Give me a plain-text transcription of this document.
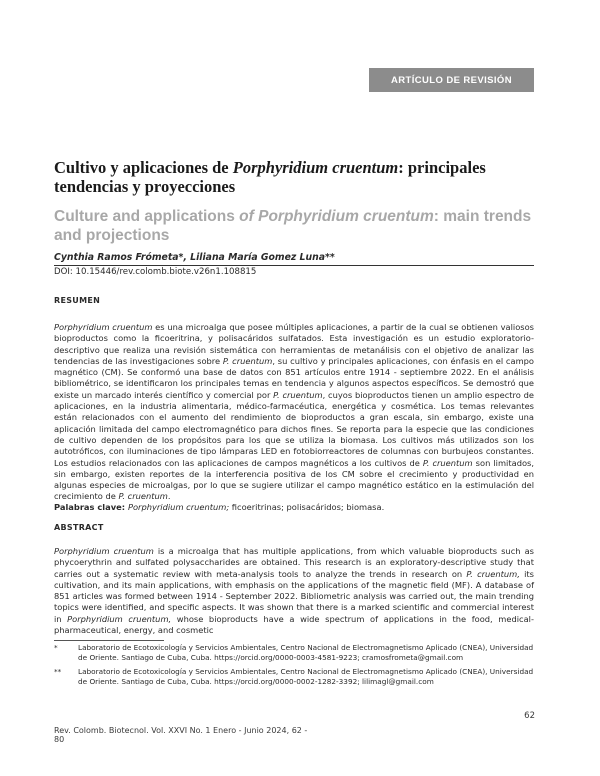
ARTÍCULO DE REVISIÓN
Cultivo y aplicaciones de Porphyridium cruentum: principales tendencias y proyecciones
Culture and applications of Porphyridium cruentum: main trends and projections
Cynthia Ramos Frómeta*, Liliana María Gomez Luna**
DOI: 10.15446/rev.colomb.biote.v26n1.108815
RESUMEN

Porphyridium cruentum es una microalga que posee múltiples aplicaciones, a partir de la cual se obtienen valiosos bioproductos como la ficoeritrina, y polisacáridos sulfatados. Esta investigación es un estudio exploratorio-descriptivo que realiza una revisión sistemática con herramientas de metanálisis con el objetivo de analizar las tendencias de las investigaciones sobre P. cruentum, su cultivo y principales aplicaciones, con énfasis en el campo magnético (CM). Se conformó una base de datos con 851 artículos entre 1914 - septiembre 2022. En el análisis bibliométrico, se identificaron los principales temas en tendencia y algunos aspectos específicos. Se demostró que existe un marcado interés científico y comercial por P. cruentum, cuyos bioproductos tienen un amplio espectro de aplicaciones, en la industria alimentaria, médico-farmacéutica, energética y cosmética. Los temas relevantes están relacionados con el aumento del rendimiento de bioproductos a gran escala, sin embargo, existe una aplicación limitada del campo electromagnético para dichos fines. Se reporta para la especie que las condiciones de cultivo dependen de los propósitos para los que se utiliza la biomasa. Los cultivos más utilizados son los autotróficos, con iluminaciones de tipo lámparas LED en fotobiorreactores de columnas con burbujeos constantes. Los estudios relacionados con las aplicaciones de campos magnéticos a los cultivos de P. cruentum son limitados, sin embargo, existen reportes de la interferencia positiva de los CM sobre el crecimiento y productividad en algunas especies de microalgas, por lo que se sugiere utilizar el campo magnético estático en la estimulación del crecimiento de P. cruentum.

Palabras clave: Porphyridium cruentum; ficoeritrinas; polisacáridos; biomasa.

ABSTRACT

Porphyridium cruentum is a microalga that has multiple applications, from which valuable bioproducts such as phycoerythrin and sulfated polysaccharides are obtained. This research is an exploratory-descriptive study that carries out a systematic review with meta-analysis tools to analyze the trends in research on P. cruentum, its cultivation, and its main applications, with emphasis on the applications of the magnetic field (MF). A database of 851 articles was formed between 1914 - September 2022. Bibliometric analysis was carried out, the main trending topics were identified, and specific aspects. It was shown that there is a marked scientific and commercial interest in Porphyridium cruentum, whose bioproducts have a wide spectrum of applications in the food, medical-pharmaceutical, energy, and cosmetic

*	Laboratorio de Ecotoxicología y Servicios Ambientales, Centro Nacional de Electromagnetismo Aplicado (CNEA), Universidad de Oriente. Santiago de Cuba, Cuba. https://orcid.org/0000-0003-4581-9223; cramosfrometa@gmail.com
**	Laboratorio de Ecotoxicología y Servicios Ambientales, Centro Nacional de Electromagnetismo Aplicado (CNEA), Universidad de Oriente. Santiago de Cuba, Cuba. https://orcid.org/0000-0002-1282-3392; lilimagl@gmail.com
Rev. Colomb. Biotecnol. Vol. XXVI No. 1 Enero - Junio 2024, 62 - 80
62
